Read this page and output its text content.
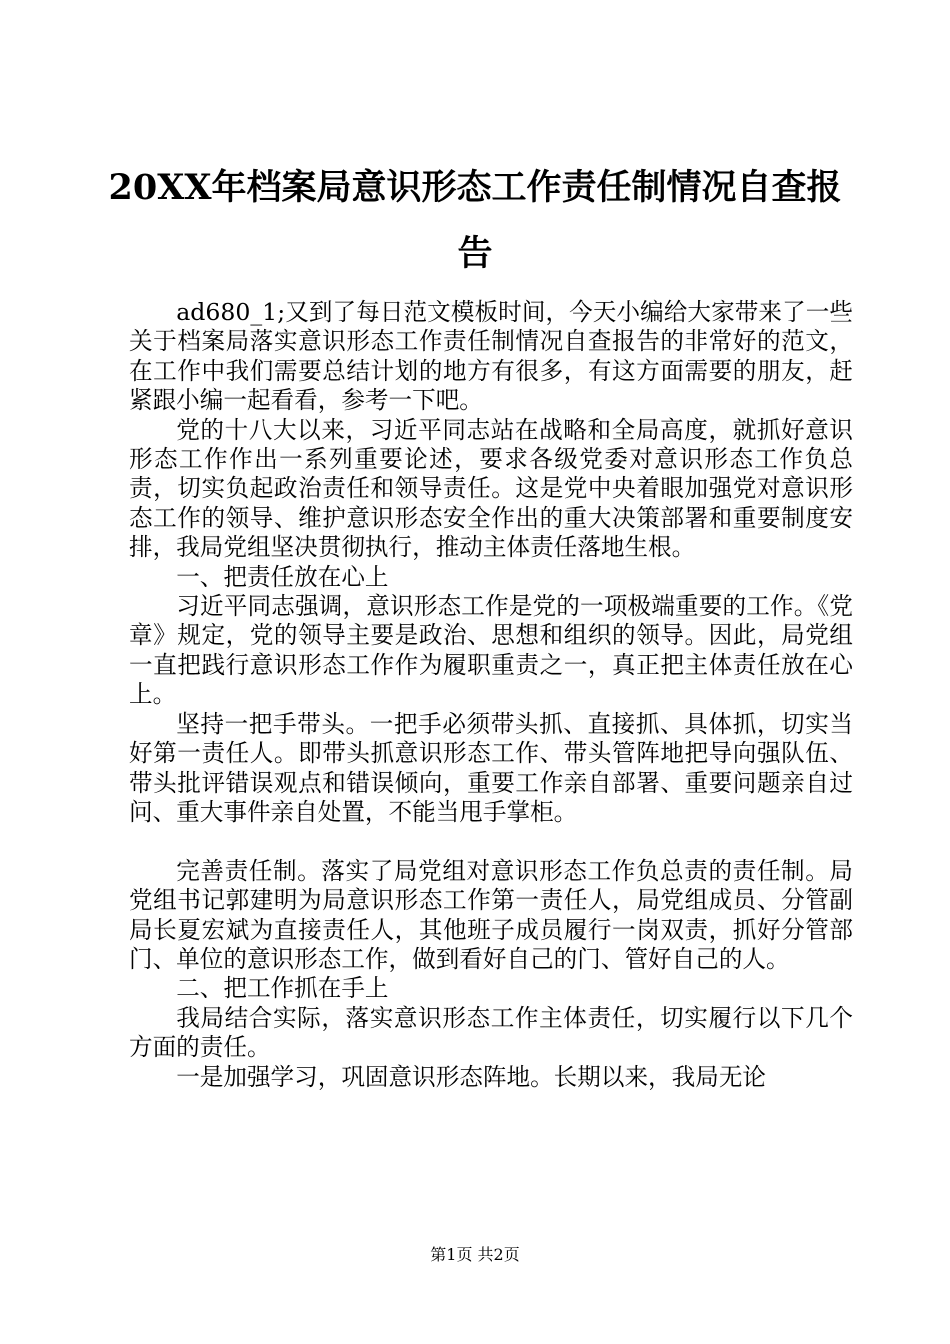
20XX年档案局意识形态工作责任制情况自查报告

ad680_1;又到了每日范文模板时间，今天小编给大家带来了一些关于档案局落实意识形态工作责任制情况自查报告的非常好的范文，在工作中我们需要总结计划的地方有很多，有这方面需要的朋友，赶紧跟小编一起看看，参考一下吧。

党的十八大以来，习近平同志站在战略和全局高度，就抓好意识形态工作作出一系列重要论述，要求各级党委对意识形态工作负总责，切实负起政治责任和领导责任。这是党中央着眼加强党对意识形态工作的领导、维护意识形态安全作出的重大决策部署和重要制度安排，我局党组坚决贯彻执行，推动主体责任落地生根。

一、把责任放在心上

习近平同志强调，意识形态工作是党的一项极端重要的工作。《党章》规定，党的领导主要是政治、思想和组织的领导。因此，局党组一直把践行意识形态工作作为履职重责之一，真正把主体责任放在心上。

坚持一把手带头。一把手必须带头抓、直接抓、具体抓，切实当好第一责任人。即带头抓意识形态工作、带头管阵地把导向强队伍、带头批评错误观点和错误倾向，重要工作亲自部署、重要问题亲自过问、重大事件亲自处置，不能当甩手掌柜。

完善责任制。落实了局党组对意识形态工作负总责的责任制。局党组书记郭建明为局意识形态工作第一责任人，局党组成员、分管副局长夏宏斌为直接责任人，其他班子成员履行一岗双责，抓好分管部门、单位的意识形态工作，做到看好自己的门、管好自己的人。

二、把工作抓在手上

我局结合实际，落实意识形态工作主体责任，切实履行以下几个方面的责任。

一是加强学习，巩固意识形态阵地。长期以来，我局无论

第1页 共2页
